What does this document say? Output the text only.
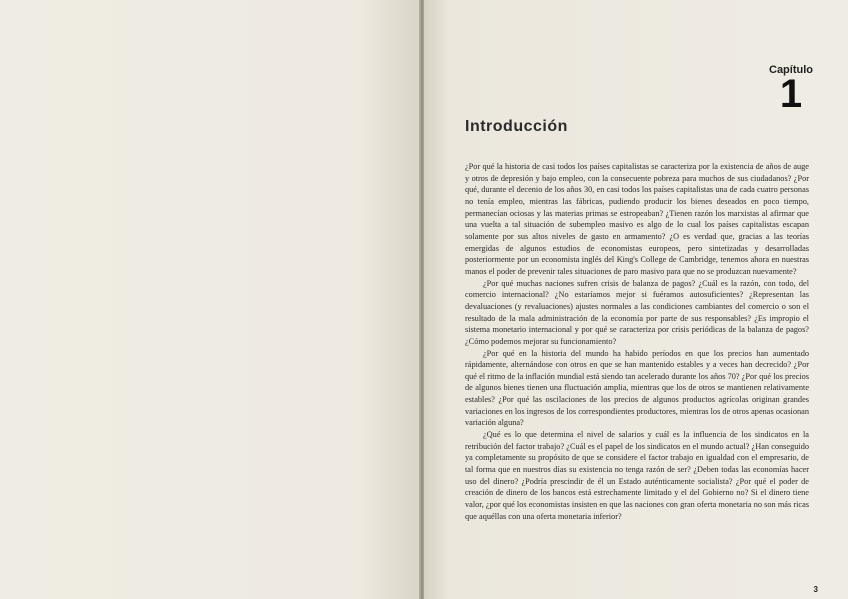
Capítulo
1
Introducción

¿Por qué la historia de casi todos los países capitalistas se caracteriza por la existencia de años de auge y otros de depresión y bajo empleo, con la consecuente pobreza para muchos de sus ciudadanos? ¿Por qué, durante el decenio de los años 30, en casi todos los países capitalistas una de cada cuatro personas no tenía empleo, mientras las fábricas, pudiendo producir los bienes deseados en poco tiempo, permanecían ociosas y las materias primas se estropeaban? ¿Tienen razón los marxistas al afirmar que una vuelta a tal situación de subempleo masivo es algo de lo cual los países capitalistas escapan solamente por sus altos niveles de gasto en armamento? ¿O es verdad que, gracias a las teorías emergidas de algunos estudios de economistas europeos, pero sintetizadas y desarrolladas posteriormente por un economista inglés del King's College de Cambridge, tenemos ahora en nuestras manos el poder de prevenir tales situaciones de paro masivo para que no se produzcan nuevamente?

¿Por qué muchas naciones sufren crisis de balanza de pagos? ¿Cuál es la razón, con todo, del comercio internacional? ¿No estaríamos mejor si fuéramos autosuficientes? ¿Representan las devaluaciones (y revaluaciones) ajustes normales a las condiciones cambiantes del comercio o son el resultado de la mala administración de la economía por parte de sus responsables? ¿Es impropio el sistema monetario internacional y por qué se caracteriza por crisis periódicas de la balanza de pagos? ¿Cómo podemos mejorar su funcionamiento?

¿Por qué en la historia del mundo ha habido períodos en que los precios han aumentado rápidamente, alternándose con otros en que se han mantenido estables y a veces han decrecido? ¿Por qué el ritmo de la inflación mundial está siendo tan acelerado durante los años 70? ¿Por qué los precios de algunos bienes tienen una fluctuación amplia, mientras que los de otros se mantienen relativamente estables? ¿Por qué las oscilaciones de los precios de algunos productos agrícolas originan grandes variaciones en los ingresos de los correspondientes productores, mientras los de otros apenas ocasionan variación alguna?

¿Qué es lo que determina el nivel de salarios y cuál es la influencia de los sindicatos en la retribución del factor trabajo? ¿Cuál es el papel de los sindicatos en el mundo actual? ¿Han conseguido ya completamente su propósito de que se considere el factor trabajo en igualdad con el empresario, de tal forma que en nuestros días su existencia no tenga razón de ser? ¿Deben todas las economías hacer uso del dinero? ¿Podría prescindir de él un Estado auténticamente socialista? ¿Por qué el poder de creación de dinero de los bancos está estrechamente limitado y el del Gobierno no? Si el dinero tiene valor, ¿por qué los economistas insisten en que las naciones con gran oferta monetaria no son más ricas que aquéllas con una oferta monetaria inferior?

3
